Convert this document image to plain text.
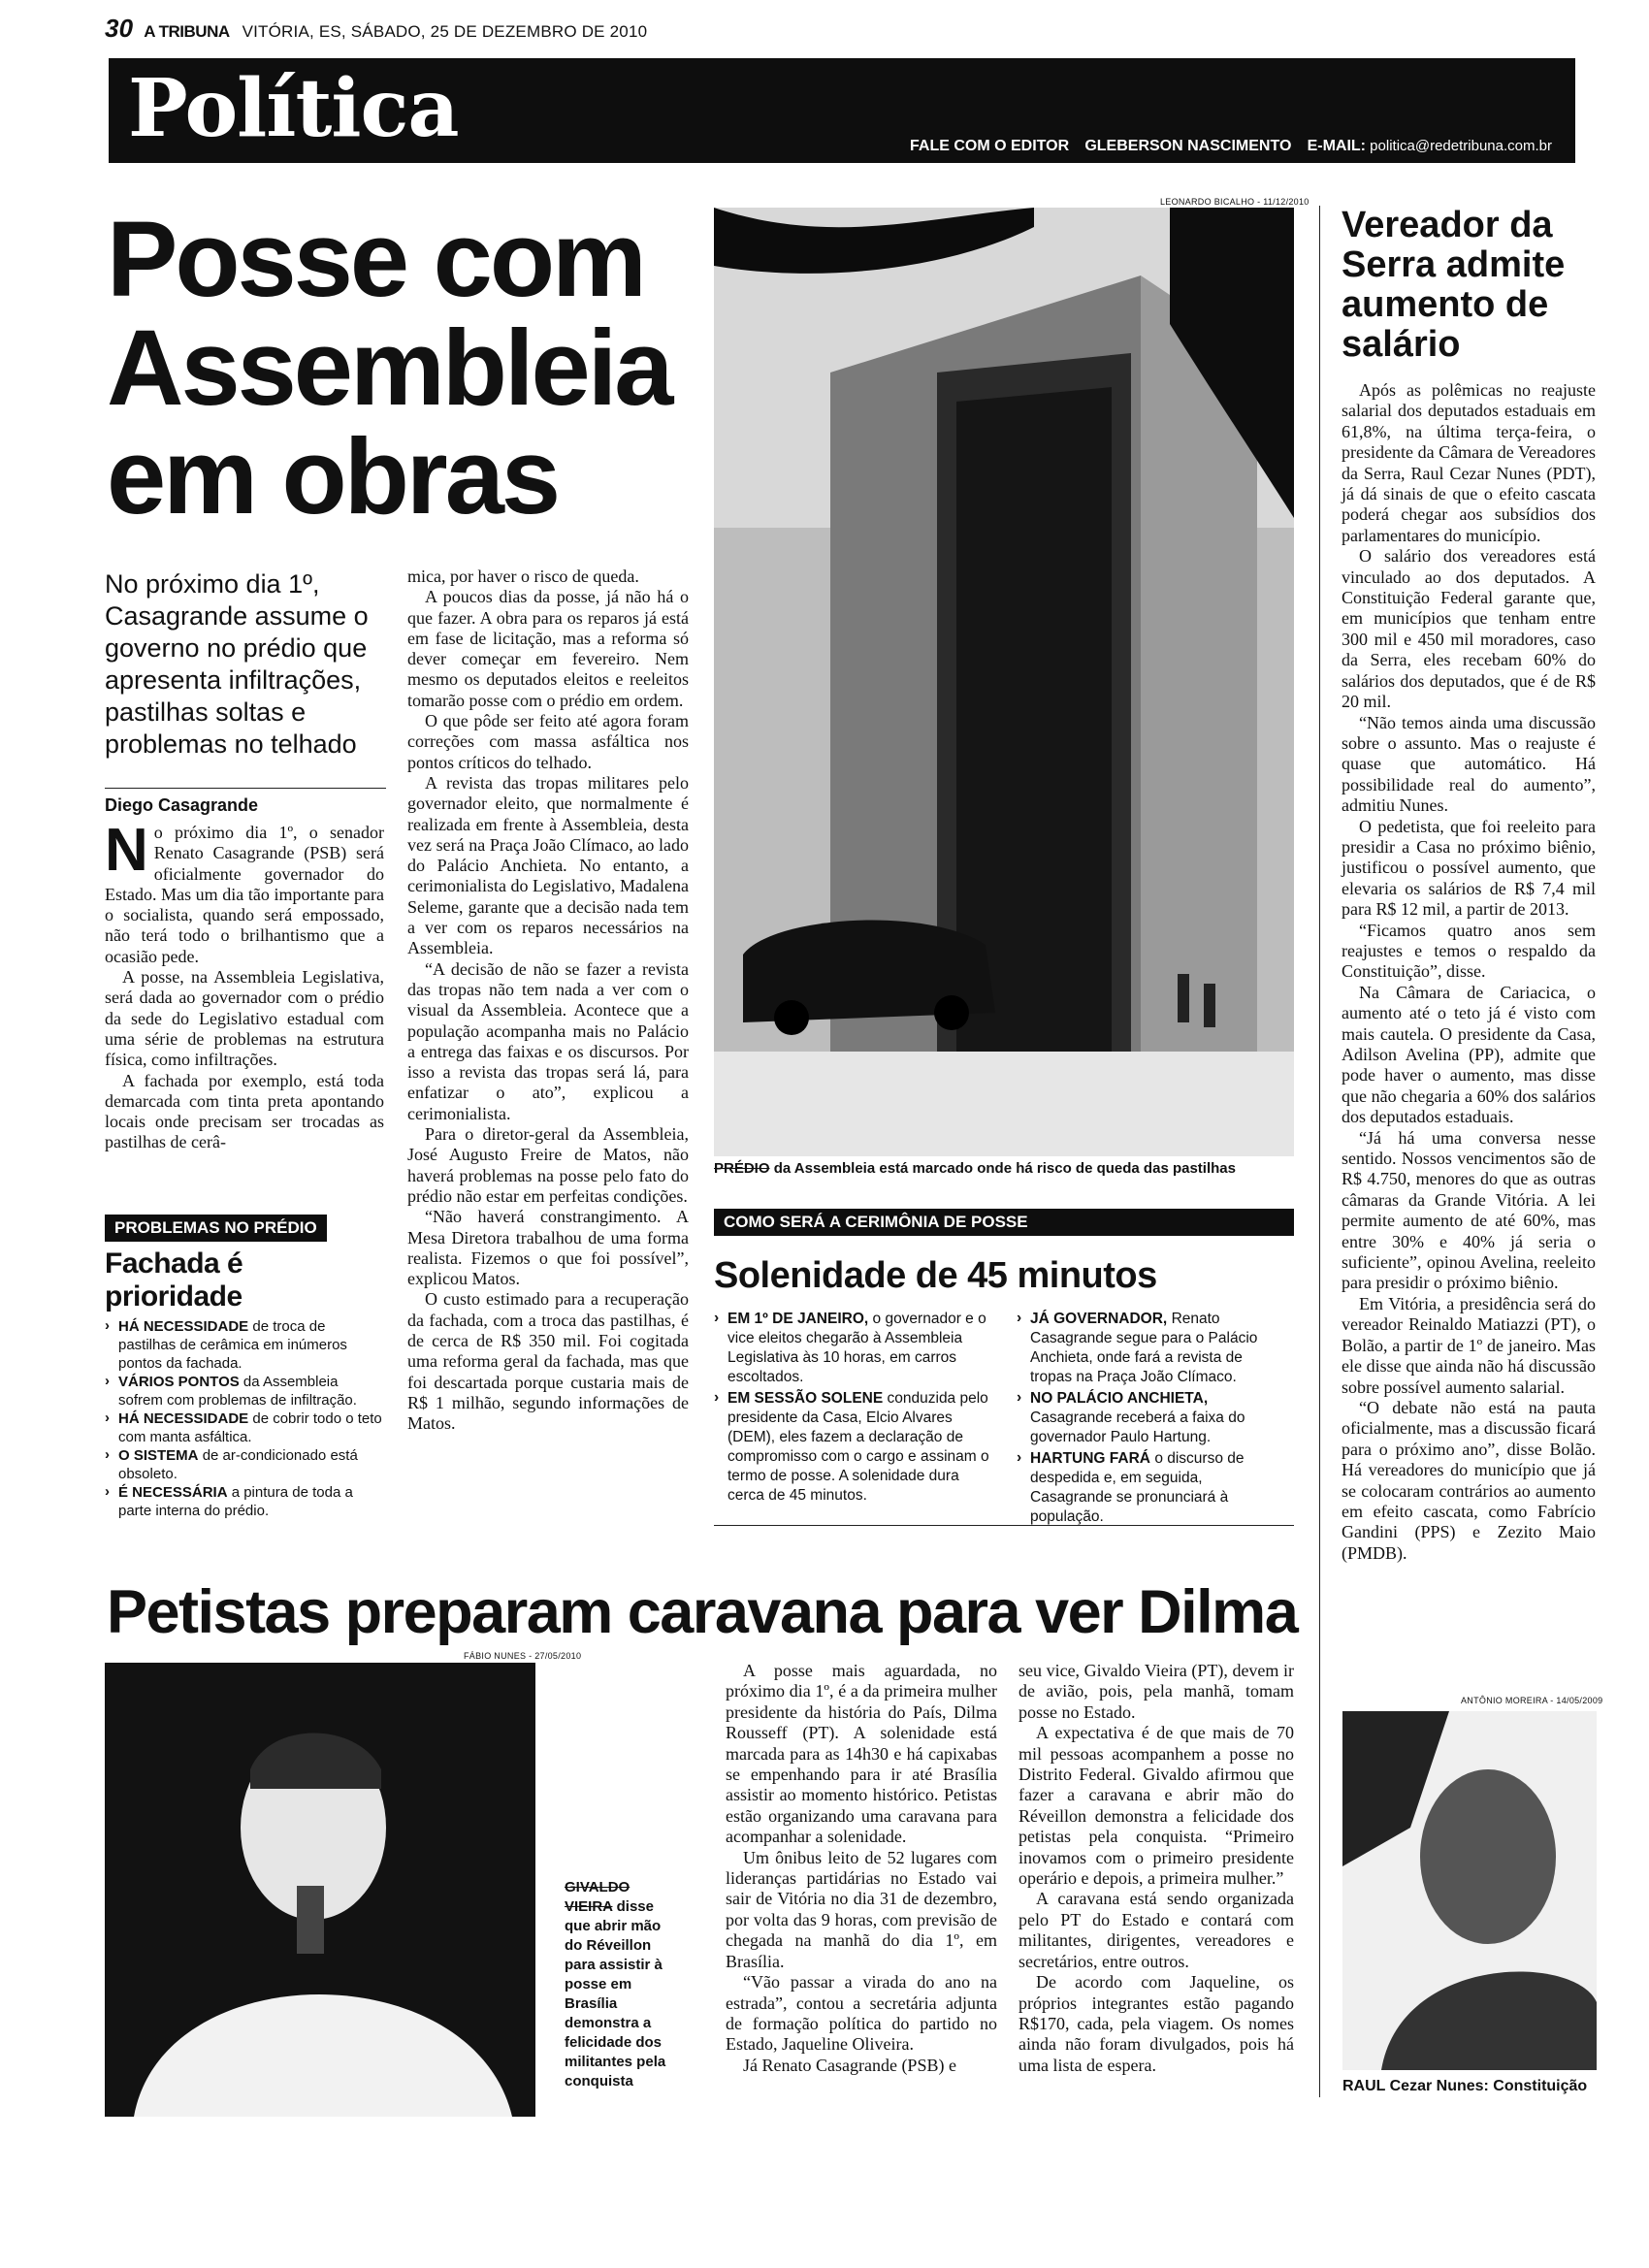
30 A TRIBUNA VITÓRIA, ES, SÁBADO, 25 DE DEZEMBRO DE 2010
Política	FALE COM O EDITOR GLEBERSON NASCIMENTO E-MAIL: politica@redetribuna.com.br
Posse com Assembleia em obras
No próximo dia 1º, Casagrande assume o governo no prédio que apresenta infiltrações, pastilhas soltas e problemas no telhado
Diego Casagrande

No próximo dia 1º, o senador Renato Casagrande (PSB) será oficialmente governador do Estado. Mas um dia tão importante para o socialista, quando será empossado, não terá todo o brilhantismo que a ocasião pede.

A posse, na Assembleia Legislativa, será dada ao governador com o prédio da sede do Legislativo estadual com uma série de problemas na estrutura física, como infiltrações.

A fachada por exemplo, está toda demarcada com tinta preta apontando locais onde precisam ser trocadas as pastilhas de cerâ-

PROBLEMAS NO PRÉDIO
Fachada é prioridade
› HÁ NECESSIDADE de troca de pastilhas de cerâmica em inúmeros pontos da fachada.
› VÁRIOS PONTOS da Assembleia sofrem com problemas de infiltração.
› HÁ NECESSIDADE de cobrir todo o teto com manta asfáltica.
› O SISTEMA de ar-condicionado está obsoleto.
› É NECESSÁRIA a pintura de toda a parte interna do prédio.

mica, por haver o risco de queda.

A poucos dias da posse, já não há o que fazer. A obra para os reparos já está em fase de licitação, mas a reforma só dever começar em fevereiro. Nem mesmo os deputados eleitos e reeleitos tomarão posse com o prédio em ordem.

O que pôde ser feito até agora foram correções com massa asfáltica nos pontos críticos do telhado.

A revista das tropas militares pelo governador eleito, que normalmente é realizada em frente à Assembleia, desta vez será na Praça João Clímaco, ao lado do Palácio Anchieta. No entanto, a cerimonialista do Legislativo, Madalena Seleme, garante que a decisão nada tem a ver com os reparos necessários na Assembleia.

“A decisão de não se fazer a revista das tropas não tem nada a ver com o visual da Assembleia. Acontece que a população acompanha mais no Palácio a entrega das faixas e os discursos. Por isso a revista das tropas será lá, para enfatizar o ato”, explicou a cerimonialista.

Para o diretor-geral da Assembleia, José Augusto Freire de Matos, não haverá problemas na posse pelo fato do prédio não estar em perfeitas condições.

“Não haverá constrangimento. A Mesa Diretora trabalhou de uma forma realista. Fizemos o que foi possível”, explicou Matos.

O custo estimado para a recuperação da fachada, com a troca das pastilhas, é de cerca de R$ 350 mil. Foi cogitada uma reforma geral da fachada, mas que foi descartada porque custaria mais de R$ 1 milhão, segundo informações de Matos.

LEONARDO BICALHO - 11/12/2010
PRÉDIO da Assembleia está marcado onde há risco de queda das pastilhas
COMO SERÁ A CERIMÔNIA DE POSSE
Solenidade de 45 minutos
› EM 1º DE JANEIRO, o governador e o vice eleitos chegarão à Assembleia Legislativa às 10 horas, em carros escoltados.
› EM SESSÃO SOLENE conduzida pelo presidente da Casa, Elcio Alvares (DEM), eles fazem a declaração de compromisso com o cargo e assinam o termo de posse. A solenidade dura cerca de 45 minutos.
› JÁ GOVERNADOR, Renato Casagrande segue para o Palácio Anchieta, onde fará a revista de tropas na Praça João Clímaco.
› NO PALÁCIO ANCHIETA, Casagrande receberá a faixa do governador Paulo Hartung.
› HARTUNG FARÁ o discurso de despedida e, em seguida, Casagrande se pronunciará à população.
Vereador da Serra admite aumento de salário

Após as polêmicas no reajuste salarial dos deputados estaduais em 61,8%, na última terça-feira, o presidente da Câmara de Vereadores da Serra, Raul Cezar Nunes (PDT), já dá sinais de que o efeito cascata poderá chegar aos subsídios dos parlamentares do município.

O salário dos vereadores está vinculado ao dos deputados. A Constituição Federal garante que, em municípios que tenham entre 300 mil e 450 mil moradores, caso da Serra, eles recebam 60% do salários dos deputados, que é de R$ 20 mil.

“Não temos ainda uma discussão sobre o assunto. Mas o reajuste é quase que automático. Há possibilidade real do aumento”, admitiu Nunes.

O pedetista, que foi reeleito para presidir a Casa no próximo biênio, justificou o possível aumento, que elevaria os salários de R$ 7,4 mil para R$ 12 mil, a partir de 2013.

“Ficamos quatro anos sem reajustes e temos o respaldo da Constituição”, disse.

Na Câmara de Cariacica, o aumento até o teto já é visto com mais cautela. O presidente da Casa, Adilson Avelina (PP), admite que pode haver o aumento, mas disse que não chegaria a 60% dos salários dos deputados estaduais.

“Já há uma conversa nesse sentido. Nossos vencimentos são de R$ 4.750, menores do que as outras câmaras da Grande Vitória. A lei permite aumento de até 60%, mas entre 30% e 40% já seria o suficiente”, opinou Avelina, reeleito para presidir o próximo biênio.

Em Vitória, a presidência será do vereador Reinaldo Matiazzi (PT), o Bolão, a partir de 1º de janeiro. Mas ele disse que ainda não há discussão sobre possível aumento salarial.

“O debate não está na pauta oficialmente, mas a discussão ficará para o próximo ano”, disse Bolão. Há vereadores do município que já se colocaram contrários ao aumento em efeito cascata, como Fabrício Gandini (PPS) e Zezito Maio (PMDB).

ANTÔNIO MOREIRA - 14/05/2009
RAUL Cezar Nunes: Constituição
Petistas preparam caravana para ver Dilma
FÁBIO NUNES - 27/05/2010
GIVALDO VIEIRA disse que abrir mão do Réveillon para assistir à posse em Brasília demonstra a felicidade dos militantes pela conquista

A posse mais aguardada, no próximo dia 1º, é a da primeira mulher presidente da história do País, Dilma Rousseff (PT). A solenidade está marcada para as 14h30 e há capixabas se empenhando para ir até Brasília assistir ao momento histórico. Petistas estão organizando uma caravana para acompanhar a solenidade.

Um ônibus leito de 52 lugares com lideranças partidárias no Estado vai sair de Vitória no dia 31 de dezembro, por volta das 9 horas, com previsão de chegada na manhã do dia 1º, em Brasília.

“Vão passar a virada do ano na estrada”, contou a secretária adjunta de formação política do partido no Estado, Jaqueline Oliveira.

Já Renato Casagrande (PSB) e

seu vice, Givaldo Vieira (PT), devem ir de avião, pois, pela manhã, tomam posse no Estado.

A expectativa é de que mais de 70 mil pessoas acompanhem a posse no Distrito Federal. Givaldo afirmou que fazer a caravana e abrir mão do Réveillon demonstra a felicidade dos petistas pela conquista. “Primeiro inovamos com o primeiro presidente operário e depois, a primeira mulher.”

A caravana está sendo organizada pelo PT do Estado e contará com militantes, dirigentes, vereadores e secretários, entre outros.

De acordo com Jaqueline, os próprios integrantes estão pagando R$170, cada, pela viagem. Os nomes ainda não foram divulgados, pois há uma lista de espera.
